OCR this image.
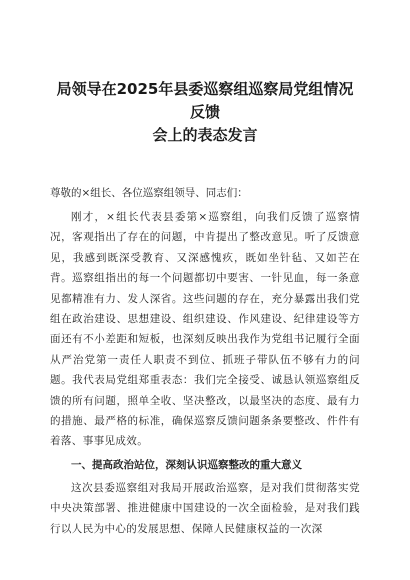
局领导在2025年县委巡察组巡察局党组情况反馈
会上的表态发言

尊敬的×组长、各位巡察组领导、同志们：

刚才，×组长代表县委第×巡察组，向我们反馈了巡察情况，客观指出了存在的问题，中肯提出了整改意见。听了反馈意见，我感到既深受教育、又深感愧疚，既如坐针毡、又如芒在背。巡察组指出的每一个问题都切中要害、一针见血，每一条意见都精准有力、发人深省。这些问题的存在，充分暴露出我们党组在政治建设、思想建设、组织建设、作风建设、纪律建设等方面还有不小差距和短板，也深刻反映出我作为党组书记履行全面从严治党第一责任人职责不到位、抓班子带队伍不够有力的问题。我代表局党组郑重表态：我们完全接受、诚恳认领巡察组反馈的所有问题，照单全收、坚决整改，以最坚决的态度、最有力的措施、最严格的标准，确保巡察反馈问题条条要整改、件件有着落、事事见成效。

一、提高政治站位，深刻认识巡察整改的重大意义

这次县委巡察组对我局开展政治巡察，是对我们贯彻落实党中央决策部署、推进健康中国建设的一次全面检验，是对我们践行以人民为中心的发展思想、保障人民健康权益的一次深
